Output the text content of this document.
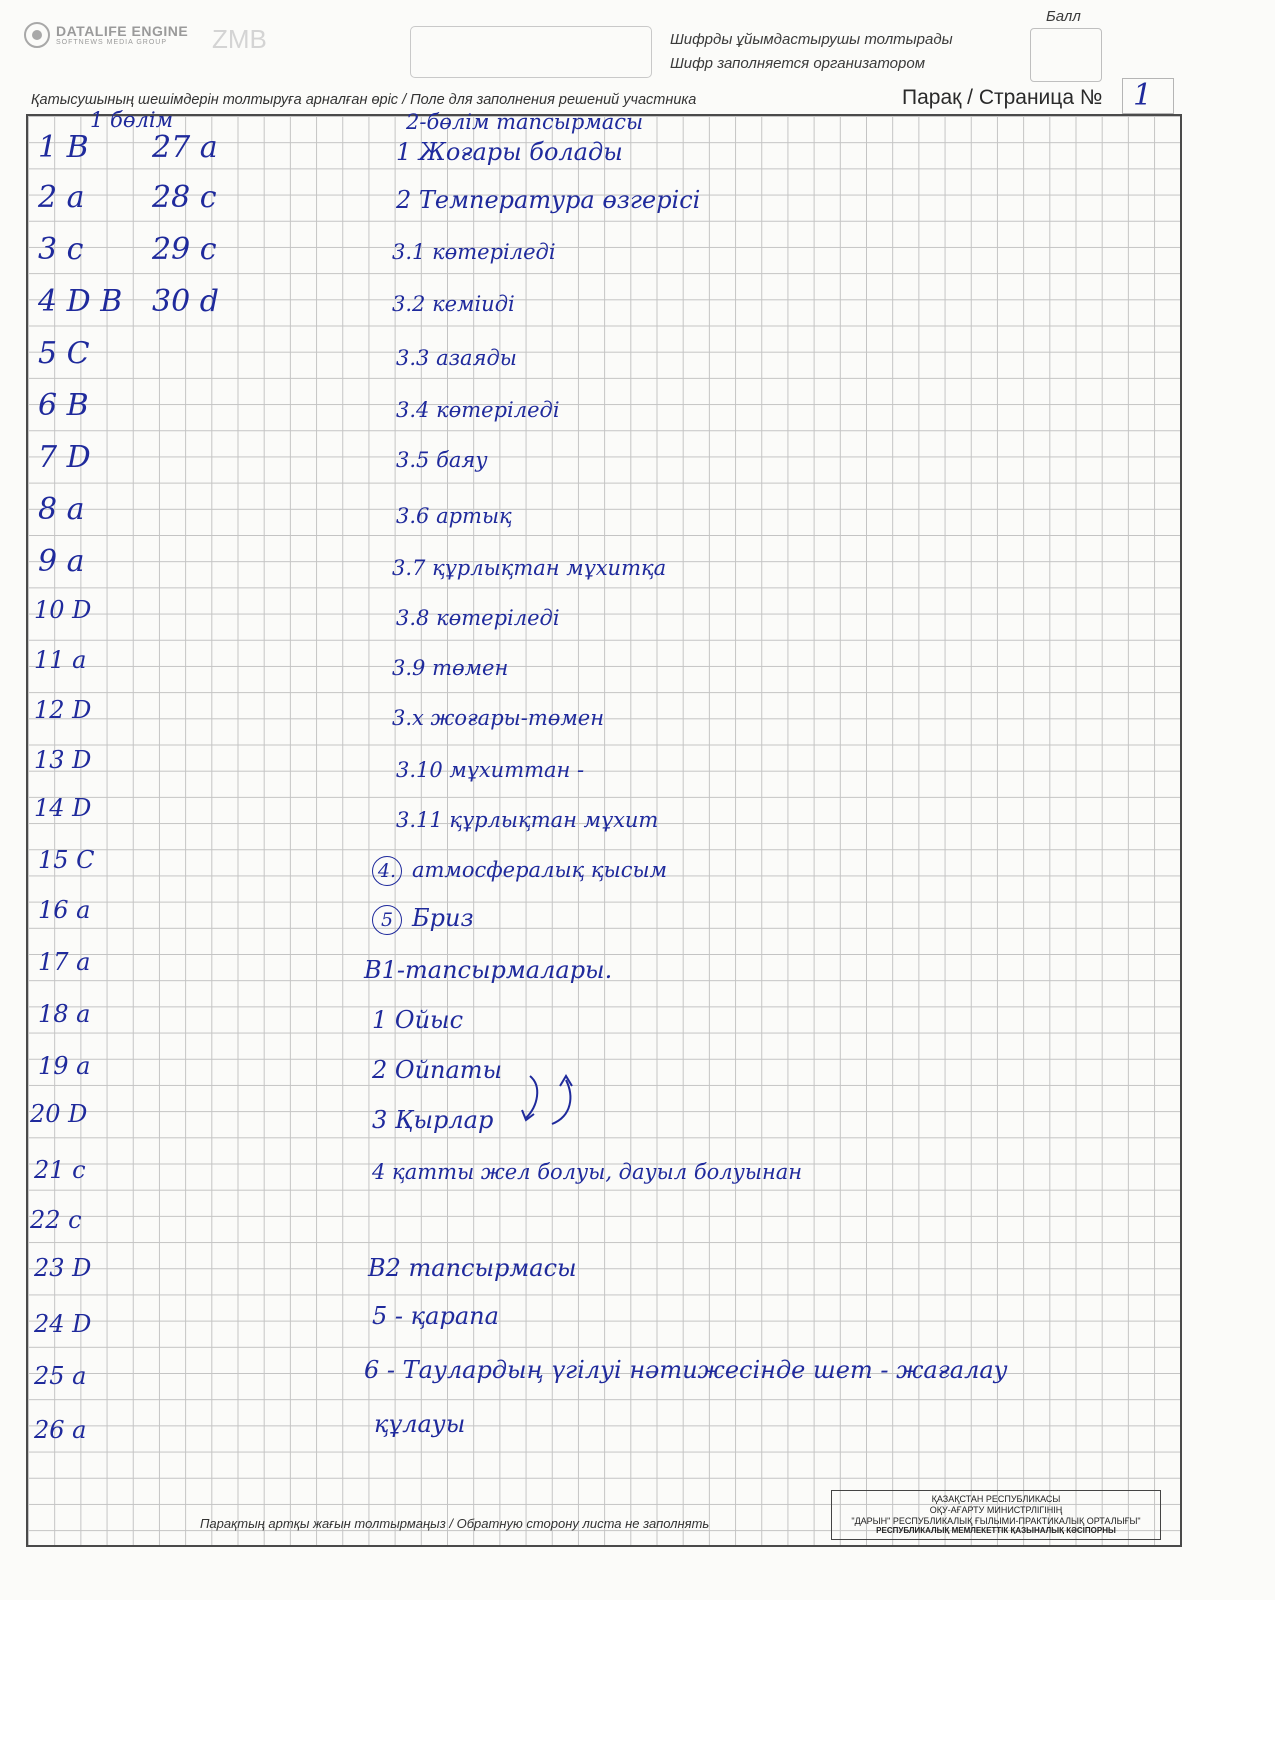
DATALIFE ENGINE
SOFTNEWS MEDIA GROUP	ZMB	Шифрды ұйымдастырушы толтырады
Шифр заполняется организатором
Балл
Қатысушының шешімдерін толтыруға арналған өріс / Поле для заполнения решений участника	Парақ / Страница № 1
1 бөлім
1 В
2 а
3 с
4 D В
5 С
6 В
7 D
8 а
9 а
10 D
11 а
12 D
13 D
14 D
15 С
16 а
17 а
18 а
19 а
20 D
21 с
22 с
23 D
24 D
25 а
26 а
27 а
28 с
29 с
30 d
2-бөлім тапсырмасы
1 Жоғары болады
2 Температура өзгерісі
3.1 көтеріледі
3.2 кеміиді
3.3 азаяды
3.4 көтеріледі
3.5 баяу
3.6 артық
3.7 құрлықтан мұхитқа
3.8 көтеріледі
3.9 төмен
3.x жоғары-төмен
3.10 мұхиттан -
3.11 құрлықтан мұхит
4. атмосфералық қысым
5 Бриз
В1-тапсырмалары.
1 Ойыс
2 Ойпаты
3 Қырлар
4 қатты жел болуы, дауыл болуынан
В2 тапсырмасы
5 - қарапа
6 - Таулардың үгілуі нәтижесінде шет - жағалау
құлауы
Парақтың артқы жағын толтырмаңыз / Обратную сторону листа не заполнять
ҚАЗАҚСТАН РЕСПУБЛИКАСЫ
ОҚУ-АҒАРТУ МИНИСТРЛІГІНІҢ
"ДАРЫН" РЕСПУБЛИКАЛЫҚ ҒЫЛЫМИ-ПРАКТИКАЛЫҚ ОРТАЛЫҒЫ"
РЕСПУБЛИКАЛЫҚ МЕМЛЕКЕТТІК ҚАЗЫНАЛЫҚ КӘСІПОРНЫ
